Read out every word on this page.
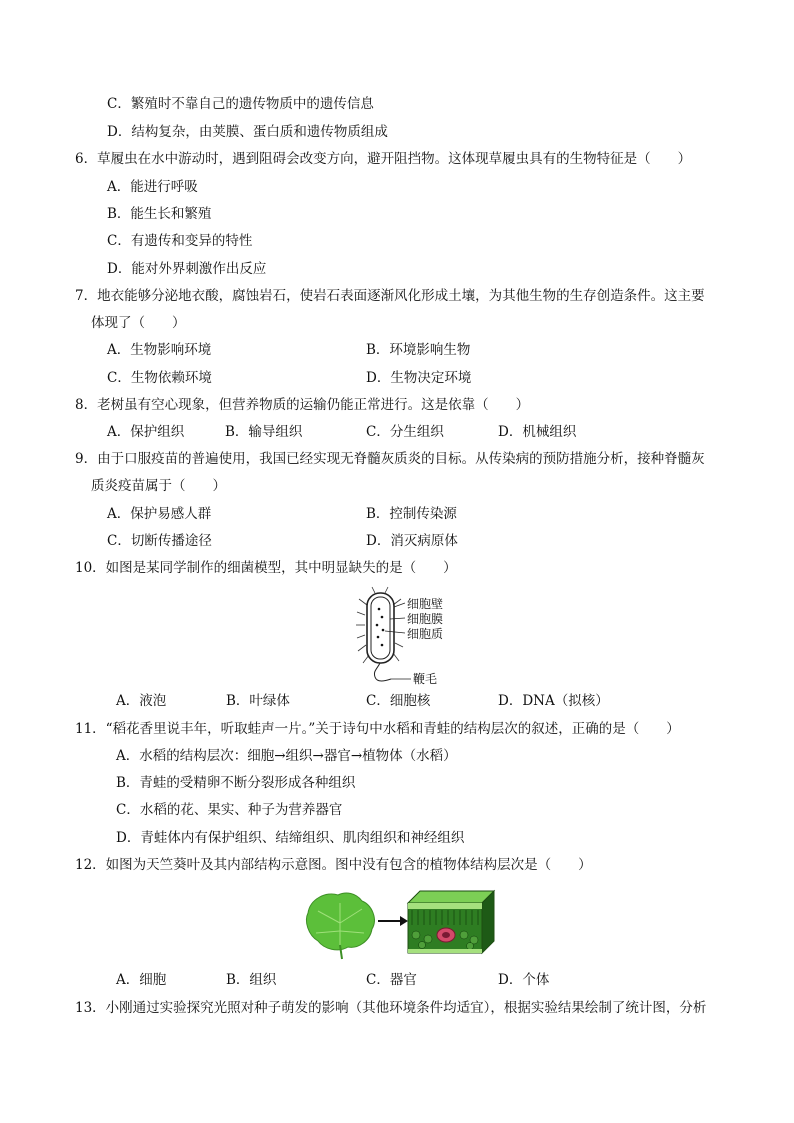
C．繁殖时不靠自己的遗传物质中的遗传信息
D．结构复杂，由荚膜、蛋白质和遗传物质组成
6．草履虫在水中游动时，遇到阻碍会改变方向，避开阻挡物。这体现草履虫具有的生物特征是（　　）
A．能进行呼吸
B．能生长和繁殖
C．有遗传和变异的特性
D．能对外界刺激作出反应
7．地衣能够分泌地衣酸，腐蚀岩石，使岩石表面逐渐风化形成土壤，为其他生物的生存创造条件。这主要
体现了（　　）
A．生物影响环境	B．环境影响生物
C．生物依赖环境	D．生物决定环境
8．老树虽有空心现象，但营养物质的运输仍能正常进行。这是依靠（　　）
A．保护组织	B．输导组织	C．分生组织	D．机械组织
9．由于口服疫苗的普遍使用，我国已经实现无脊髓灰质炎的目标。从传染病的预防措施分析，接种脊髓灰
质炎疫苗属于（　　）
A．保护易感人群	B．控制传染源
C．切断传播途径	D．消灭病原体
10．如图是某同学制作的细菌模型，其中明显缺失的是（　　）
细胞壁
细胞膜
细胞质
鞭毛
A．液泡	B．叶绿体	C．细胞核	D．DNA（拟核）
11．“稻花香里说丰年，听取蛙声一片。”关于诗句中水稻和青蛙的结构层次的叙述，正确的是（　　）
A．水稻的结构层次：细胞→组织→器官→植物体（水稻）
B．青蛙的受精卵不断分裂形成各种组织
C．水稻的花、果实、种子为营养器官
D．青蛙体内有保护组织、结缔组织、肌肉组织和神经组织
12．如图为天竺葵叶及其内部结构示意图。图中没有包含的植物体结构层次是（　　）
A．细胞	B．组织	C．器官	D．个体
13．小刚通过实验探究光照对种子萌发的影响（其他环境条件均适宜），根据实验结果绘制了统计图，分析
